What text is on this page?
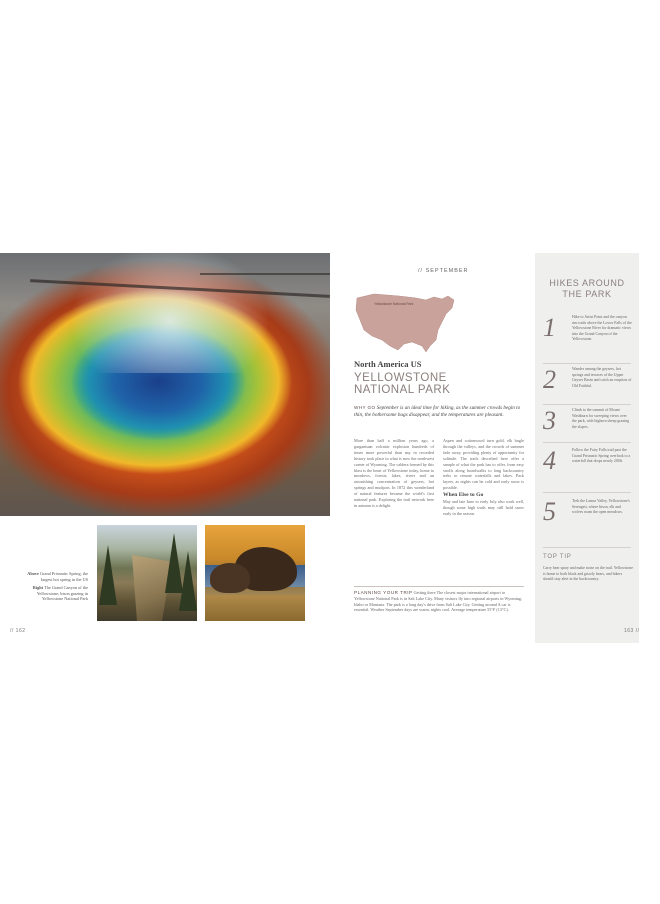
Above Grand Prismatic Spring, the largest hot spring in the US

Right The Grand Canyon of the Yellowstone; bison grazing in Yellowstone National Park

// 162
// SEPTEMBER
Yellowstone National Park
North America US
YELLOWSTONE
NATIONAL PARK
WHY GO September is an ideal time for hiking, as the summer crowds begin to thin, the bothersome bugs disappear, and the temperatures are pleasant.
More than half a million years ago, a gargantuan volcanic explosion hundreds of times more powerful than any in recorded history took place in what is now the northwest corner of Wyoming. The caldera formed by this blast is the heart of Yellowstone today, home to meadows, forests, lakes, rivers and an astonishing concentration of geysers, hot springs and mudpots. In 1872 this wonderland of natural features became the world's first national park. Exploring the trail network here in autumn is a delight.
Aspen and cottonwood turn gold, elk bugle through the valleys, and the crowds of summer fade away, providing plenty of opportunity for solitude. The trails described here offer a sample of what the park has to offer, from easy strolls along boardwalks to long backcountry treks to remote waterfalls and lakes. Pack layers, as nights can be cold and early snow is possible.
When Else to Go
May and late June to early July also work well, though some high trails may still hold snow early in the season.
PLANNING YOUR TRIP Getting there The closest major international airport to Yellowstone National Park is in Salt Lake City. Many visitors fly into regional airports in Wyoming, Idaho or Montana. The park is a long day's drive from Salt Lake City. Getting around A car is essential. Weather September days are warm, nights cool. Average temperature 55°F (13°C).
HIKES AROUND
THE PARK
1	Hike to Artist Point and the canyon rim trails above the Lower Falls of the Yellowstone River for dramatic views into the Grand Canyon of the Yellowstone.
2	Wander among the geysers, hot springs and terraces of the Upper Geyser Basin and catch an eruption of Old Faithful.
3	Climb to the summit of Mount Washburn for sweeping views over the park, with bighorn sheep grazing the slopes.
4	Follow the Fairy Falls trail past the Grand Prismatic Spring overlook to a waterfall that drops nearly 200ft.
5	Trek the Lamar Valley, Yellowstone's Serengeti, where bison, elk and wolves roam the open meadows.
TOP TIP
Carry bear spray and make noise on the trail. Yellowstone is home to both black and grizzly bears, and hikers should stay alert in the backcountry.
163 //
